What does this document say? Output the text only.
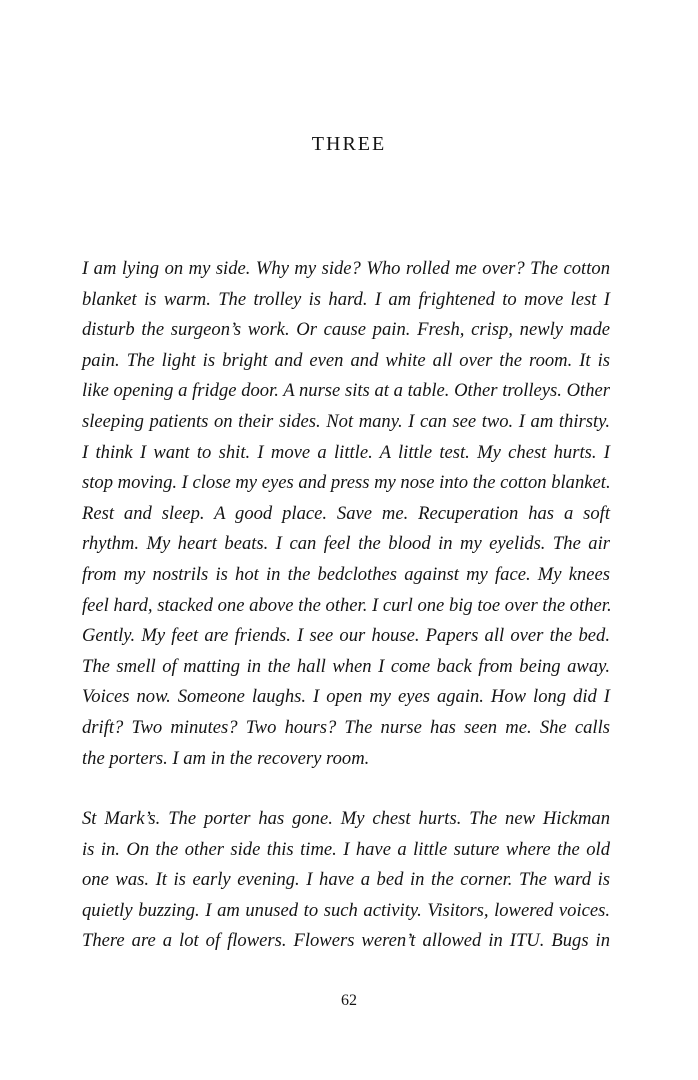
THREE
I am lying on my side. Why my side? Who rolled me over? The cotton
blanket is warm. The trolley is hard. I am frightened to move lest I
disturb the surgeon’s work. Or cause pain. Fresh, crisp, newly made
pain. The light is bright and even and white all over the room. It is
like opening a fridge door. A nurse sits at a table. Other trolleys. Other
sleeping patients on their sides. Not many. I can see two. I am thirsty.
I think I want to shit. I move a little. A little test. My chest hurts. I
stop moving. I close my eyes and press my nose into the cotton blanket.
Rest and sleep. A good place. Save me. Recuperation has a soft
rhythm. My heart beats. I can feel the blood in my eyelids. The air
from my nostrils is hot in the bedclothes against my face. My knees
feel hard, stacked one above the other. I curl one big toe over the other.
Gently. My feet are friends. I see our house. Papers all over the bed.
The smell of matting in the hall when I come back from being away.
Voices now. Someone laughs. I open my eyes again. How long did I
drift? Two minutes? Two hours? The nurse has seen me. She calls
the porters. I am in the recovery room.
St Mark’s. The porter has gone. My chest hurts. The new Hickman
is in. On the other side this time. I have a little suture where the old
one was. It is early evening. I have a bed in the corner. The ward is
quietly buzzing. I am unused to such activity. Visitors, lowered voices.
There are a lot of flowers. Flowers weren’t allowed in ITU. Bugs in
62
